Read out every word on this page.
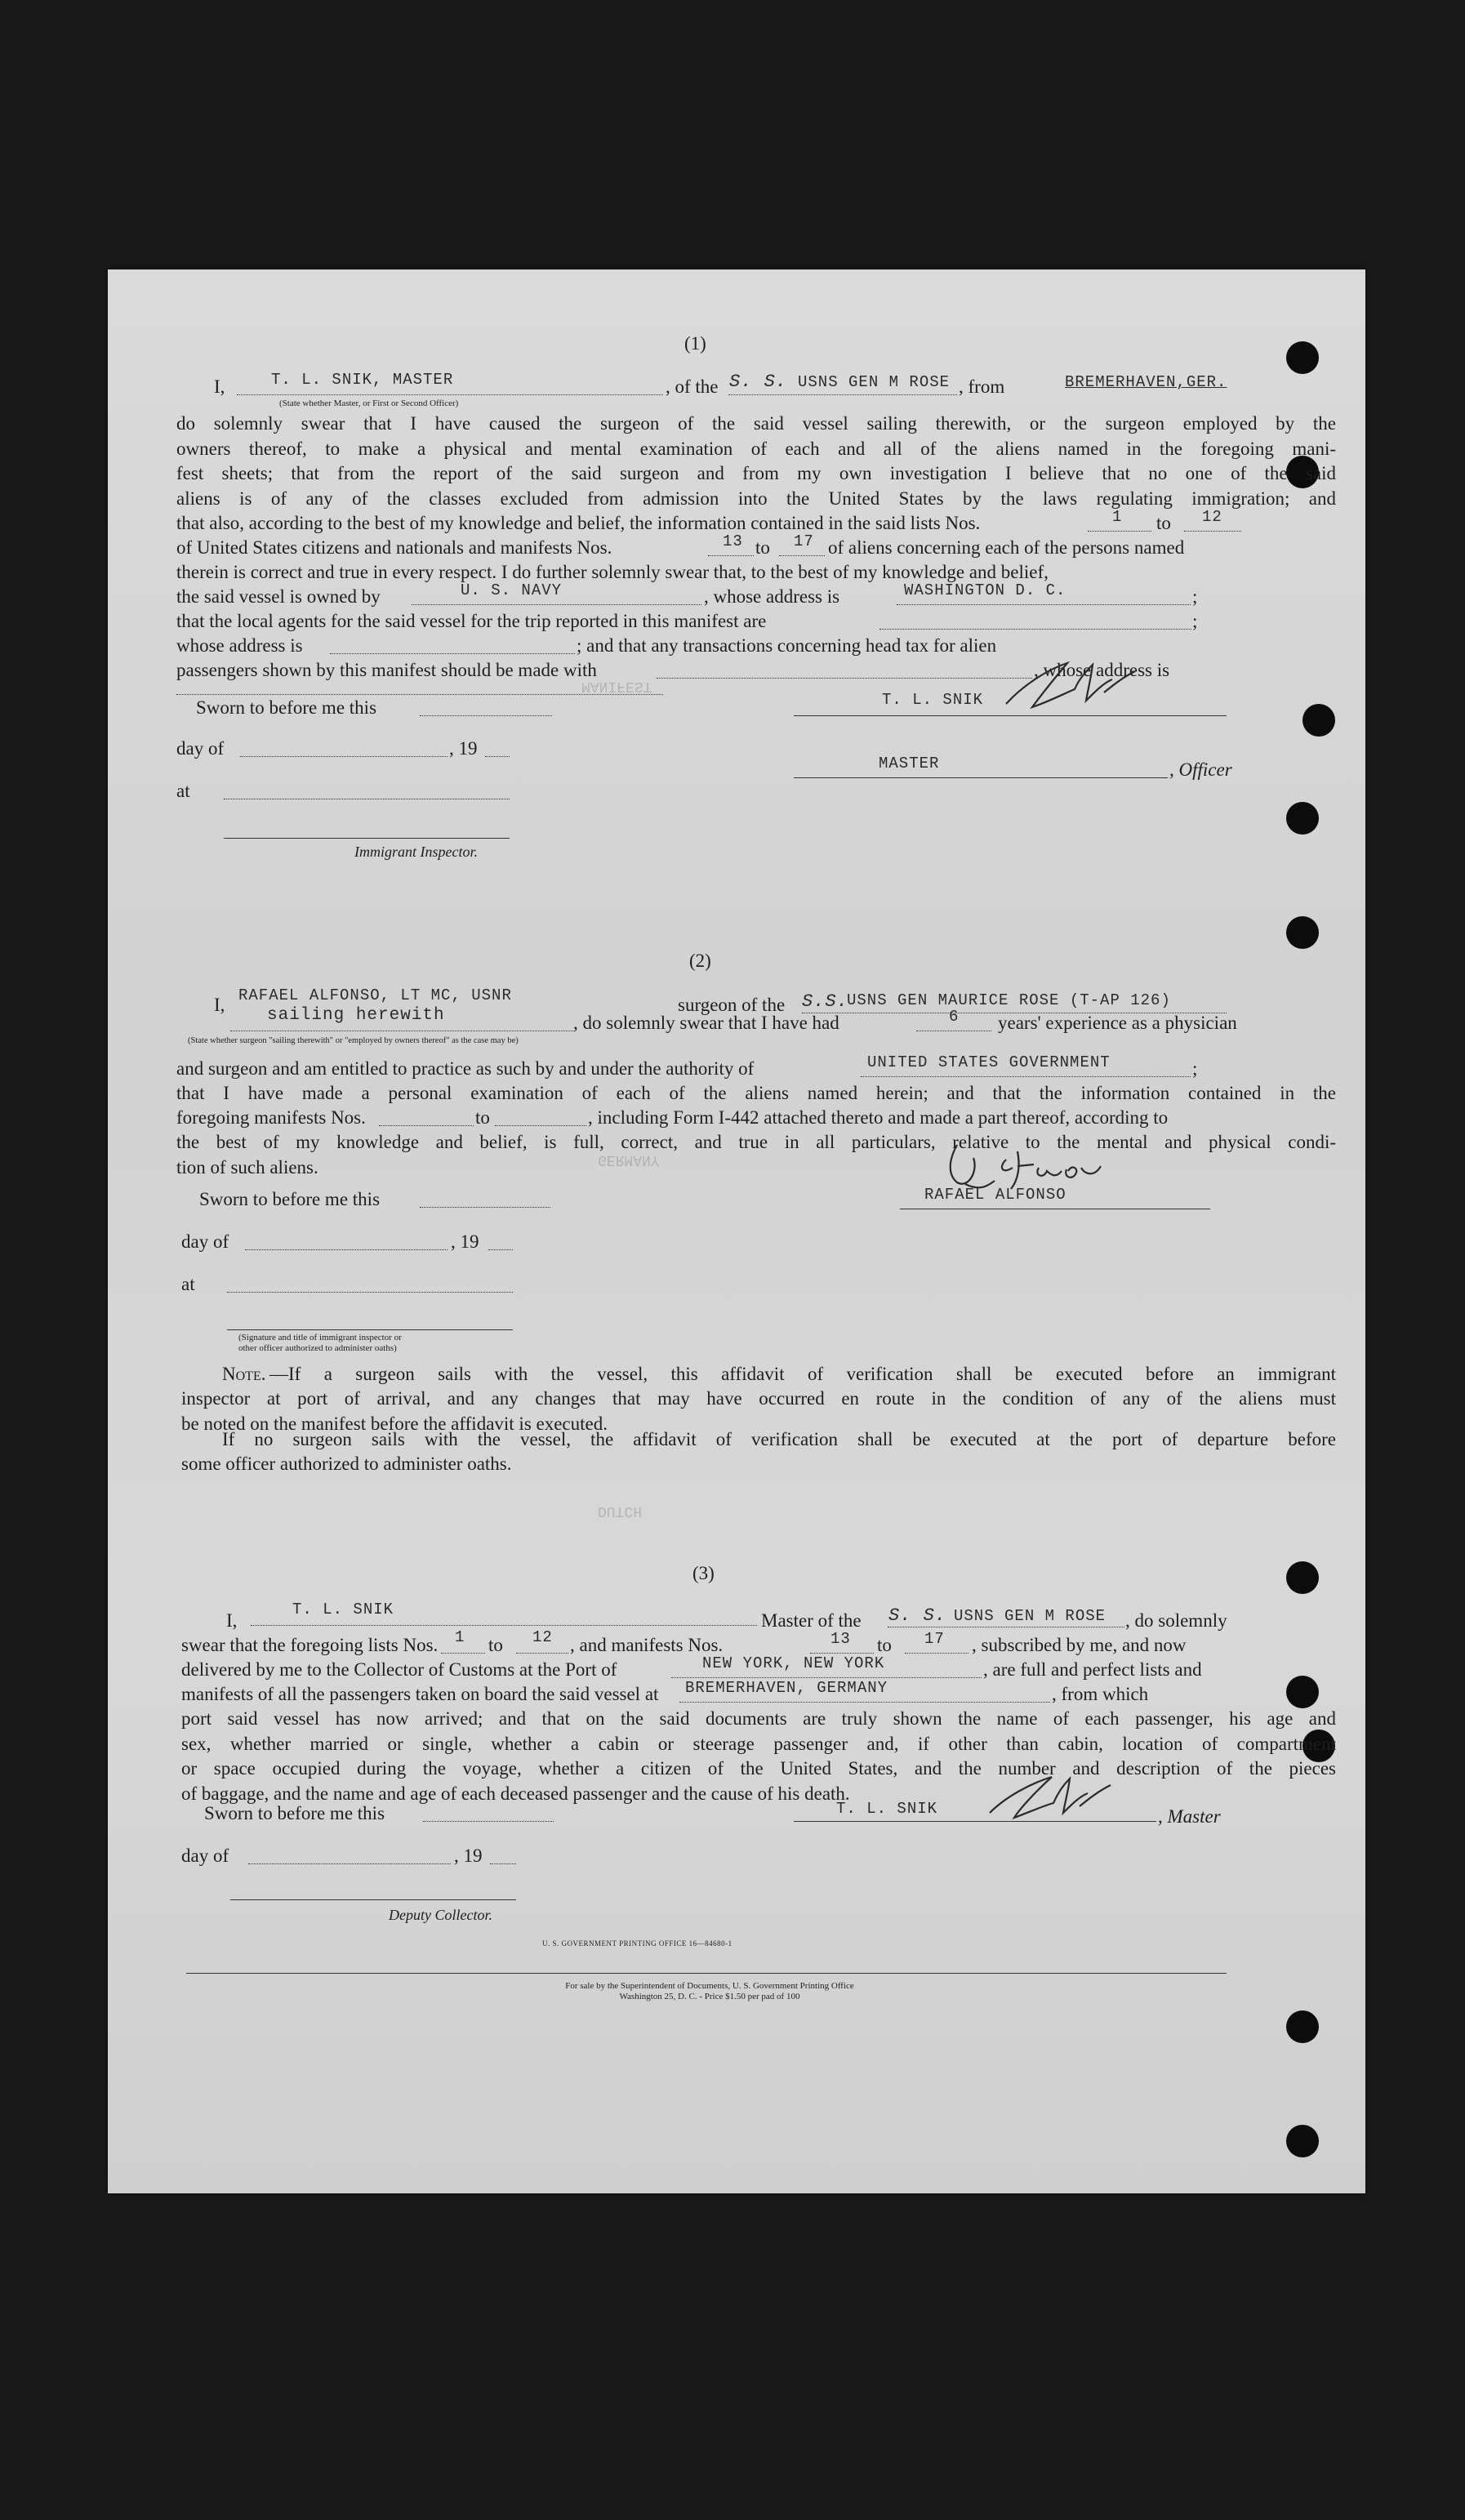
MANIFEST
GERMANY
DUTCH
(1)
I,	T. L. SNIK, MASTER
(State whether Master, or First or Second Officer)
, of the S. S. USNS GEN M ROSE , from	BREMERHAVEN,GER.
do solemnly swear that I have caused the surgeon of the said vessel sailing therewith, or the surgeon employed by the
owners thereof, to make a physical and mental examination of each and all of the aliens named in the foregoing mani-
fest sheets; that from the report of the said surgeon and from my own investigation I believe that no one of the said
aliens is of any of the classes excluded from admission into the United States by the laws regulating immigration; and
that also, according to the best of my knowledge and belief, the information contained in the said lists Nos.	1 to 12
of United States citizens and nationals and manifests Nos.	13 to 17 of aliens concerning each of the persons named
therein is correct and true in every respect. I do further solemnly swear that, to the best of my knowledge and belief,
the said vessel is owned by	U. S. NAVY	, whose address is	WASHINGTON D. C.	;
that the local agents for the said vessel for the trip reported in this manifest are	;
whose address is	; and that any transactions concerning head tax for alien
passengers shown by this manifest should be made with	, whose address is
Sworn to before me this	T. L. SNIK
day of	, 19
MASTER	, Officer
at
Immigrant Inspector.
(2)
I, RAFAEL ALFONSO, LT MC, USNR	surgeon of the S.S.
USNS GEN MAURICE ROSE (T-AP 126)
sailing herewith	, do solemnly swear that I have had	6 years' experience as a physician
(State whether surgeon "sailing therewith" or "employed by owners thereof" as the case may be)
and surgeon and am entitled to practice as such by and under the authority of	UNITED STATES GOVERNMENT	;
that I have made a personal examination of each of the aliens named herein; and that the information contained in the
foregoing manifests Nos.	to	, including Form I-442 attached thereto and made a part thereof, according to
the best of my knowledge and belief, is full, correct, and true in all particulars, relative to the mental and physical condi-
tion of such aliens.
Sworn to before me this	RAFAEL ALFONSO
day of	, 19
at
(Signature and title of immigrant inspector or
other officer authorized to administer oaths)
Note. —If a surgeon sails with the vessel, this affidavit of verification shall be executed before an immigrant
inspector at port of arrival, and any changes that may have occurred en route in the condition of any of the aliens must
be noted on the manifest before the affidavit is executed.
If no surgeon sails with the vessel, the affidavit of verification shall be executed at the port of departure before
some officer authorized to administer oaths.
(3)
I,
T. L. SNIK
Master of the S. S. USNS GEN M ROSE , do solemnly
swear that the foregoing lists Nos. 1 to 12 , and manifests Nos.	13 to 17 , subscribed by me, and now
delivered by me to the Collector of Customs at the Port of	NEW YORK, NEW YORK	, are full and perfect lists and
manifests of all the passengers taken on board the said vessel at BREMERHAVEN, GERMANY	, from which
port said vessel has now arrived; and that on the said documents are truly shown the name of each passenger, his age and
sex, whether married or single, whether a cabin or steerage passenger and, if other than cabin, location of compartment
or space occupied during the voyage, whether a citizen of the United States, and the number and description of the pieces
of baggage, and the name and age of each deceased passenger and the cause of his death.
Sworn to before me this	T. L. SNIK	, Master
day of	, 19
Deputy Collector.
U. S. GOVERNMENT PRINTING OFFICE 16—84680-1
For sale by the Superintendent of Documents, U. S. Government Printing Office
Washington 25, D. C. - Price $1.50 per pad of 100
